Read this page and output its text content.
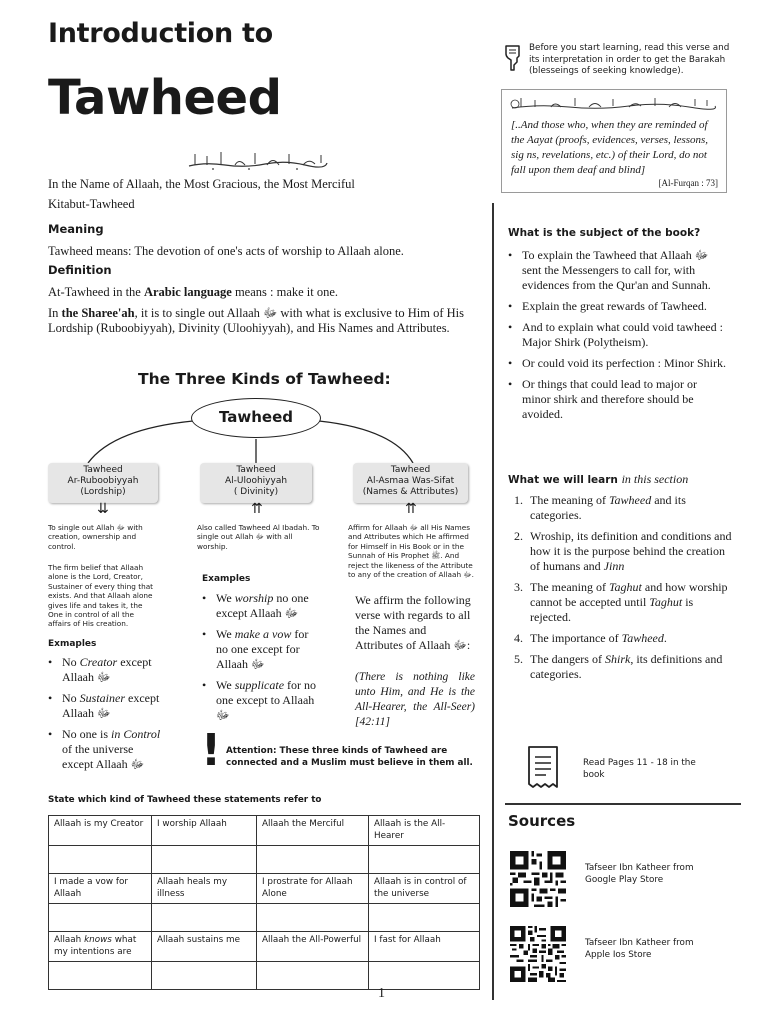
Introduction to
Tawheed
In the Name of Allaah, the Most Gracious, the Most Merciful
Kitabut-Tawheed
Meaning
Tawheed means: The devotion of one's acts of worship to Allaah alone.
Definition
At-Tawheed in the Arabic language means : make it one.
In the Sharee'ah, it is to single out Allaah ﷻ with what is exclusive to Him of His Lordship (Ruboobiyyah), Divinity (Uloohiyyah), and His Names and Attributes.
Before you start learning, read this verse and its interpretation in order to get the Barakah (blesseings of seeking knowledge).
[..And those who, when they are reminded of the Aayat (proofs, evidences, verses, lessons, sig ns, revelations, etc.) of their Lord, do not fall upon them deaf and blind]
[Al-Furqan : 73]
The Three Kinds of Tawheed:
Tawheed
Tawheed
Ar-Ruboobiyyah
(Lordship)
Tawheed
Al-Uloohiyyah
( Divinity)
Tawheed
Al-Asmaa Was-Sifat
(Names & Attributes)
⇊	⇈	⇈
To single out Allah ﷻ with creation, ownership and control.
The firm belief that Allaah alone is the Lord, Creator, Sustainer of every thing that exists. And that Allaah alone gives life and takes it, the One in control of all the affairs of His creation.
Exmaples
• No Creator except Allaah ﷻ
• No Sustainer except Allaah ﷻ
• No one is in Control of the universe except Allaah ﷻ
Also called Tawheed Al Ibadah. To single out Allah ﷻ with all worship.
Examples
• We worship no one except Allaah ﷻ
• We make a vow for no one except for Allaah ﷻ
• We supplicate for no one except to Allaah ﷻ
Affirm for Allaah ﷻ all His Names and Attributes which He affirmed for Himself in His Book or in the Sunnah of His Prophet ﷺ. And reject the likeness of the Attribute to any of the creation of Allaah ﷻ.
We affirm the following verse with regards to all the Names and Attributes of Allaah ﷻ:
(There is nothing like unto Him, and He is the All-Hearer, the All-Seer) [42:11]
! Attention: These three kinds of Tawheed are connected and a Muslim must believe in them all.
State which kind of Tawheed these statements refer to
Allaah is my Creator	I worship Allaah	Allaah the Merciful	Allaah is the All-Hearer

I made a vow for Allaah	Allaah heals my illness	I prostrate for Allaah Alone	Allaah is in control of the universe

Allaah knows what my intentions are	Allaah sustains me	Allaah the All-Powerful	I fast for Allaah

1
What is the subject of the book?
• To explain the Tawheed that Allaah ﷻ sent the Messengers to call for, with evidences from the Qur'an and Sunnah.
• Explain the great rewards of Tawheed.
• And to explain what could void tawheed : Major Shirk (Polytheism).
• Or could void its perfection : Minor Shirk.
• Or things that could lead to major or minor shirk and therefore should be avoided.
What we will learn in this section
1. The meaning of Tawheed and its categories.
2. Wroship, its definition and conditions and how it is the purpose behind the creation of humans and Jinn
3. The meaning of Taghut and how worship cannot be accepted until Taghut is rejected.
4. The importance of Tawheed.
5. The dangers of Shirk, its definitions and categories.
Read Pages 11 - 18 in the book
Sources
Tafseer Ibn Katheer from Google Play Store
Tafseer Ibn Katheer from Apple Ios Store
